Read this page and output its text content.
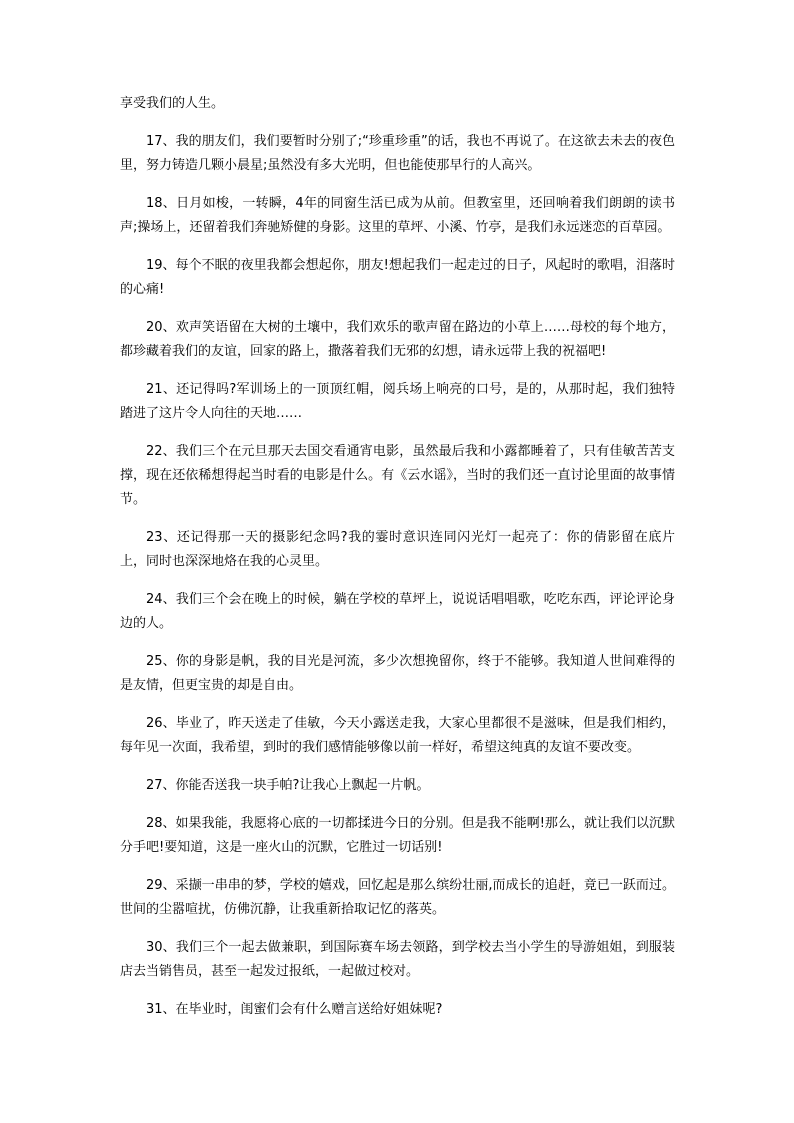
享受我们的人生。

17、我的朋友们，我们要暂时分别了;“珍重珍重”的话，我也不再说了。在这欲去未去的夜色里，努力铸造几颗小晨星;虽然没有多大光明，但也能使那早行的人高兴。

18、日月如梭，一转瞬，4年的同窗生活已成为从前。但教室里，还回响着我们朗朗的读书声;操场上，还留着我们奔驰矫健的身影。这里的草坪、小溪、竹亭，是我们永远迷恋的百草园。

19、每个不眠的夜里我都会想起你，朋友!想起我们一起走过的日子，风起时的歌唱，泪落时的心痛!

20、欢声笑语留在大树的土壤中，我们欢乐的歌声留在路边的小草上……母校的每个地方，都珍藏着我们的友谊，回家的路上，撒落着我们无邪的幻想，请永远带上我的祝福吧!

21、还记得吗?军训场上的一顶顶红帽，阅兵场上响亮的口号，是的，从那时起，我们独特踏进了这片令人向往的天地……

22、我们三个在元旦那天去国交看通宵电影，虽然最后我和小露都睡着了，只有佳敏苦苦支撑，现在还依稀想得起当时看的电影是什么。有《云水谣》，当时的我们还一直讨论里面的故事情节。

23、还记得那一天的摄影纪念吗?我的霎时意识连同闪光灯一起亮了：你的倩影留在底片上，同时也深深地烙在我的心灵里。

24、我们三个会在晚上的时候，躺在学校的草坪上，说说话唱唱歌，吃吃东西，评论评论身边的人。

25、你的身影是帆，我的目光是河流，多少次想挽留你，终于不能够。我知道人世间难得的是友情，但更宝贵的却是自由。

26、毕业了，昨天送走了佳敏，今天小露送走我，大家心里都很不是滋味，但是我们相约，每年见一次面，我希望，到时的我们感情能够像以前一样好，希望这纯真的友谊不要改变。

27、你能否送我一块手帕?让我心上飘起一片帆。

28、如果我能，我愿将心底的一切都揉进今日的分别。但是我不能啊!那么，就让我们以沉默分手吧!要知道，这是一座火山的沉默，它胜过一切话别!

29、采撷一串串的梦，学校的嬉戏，回忆起是那么缤纷壮丽,而成长的追赶，竟已一跃而过。世间的尘嚣喧扰，仿佛沉静，让我重新拾取记忆的落英。

30、我们三个一起去做兼职，到国际赛车场去领路，到学校去当小学生的导游姐姐，到服装店去当销售员，甚至一起发过报纸，一起做过校对。

31、在毕业时，闺蜜们会有什么赠言送给好姐妹呢?
